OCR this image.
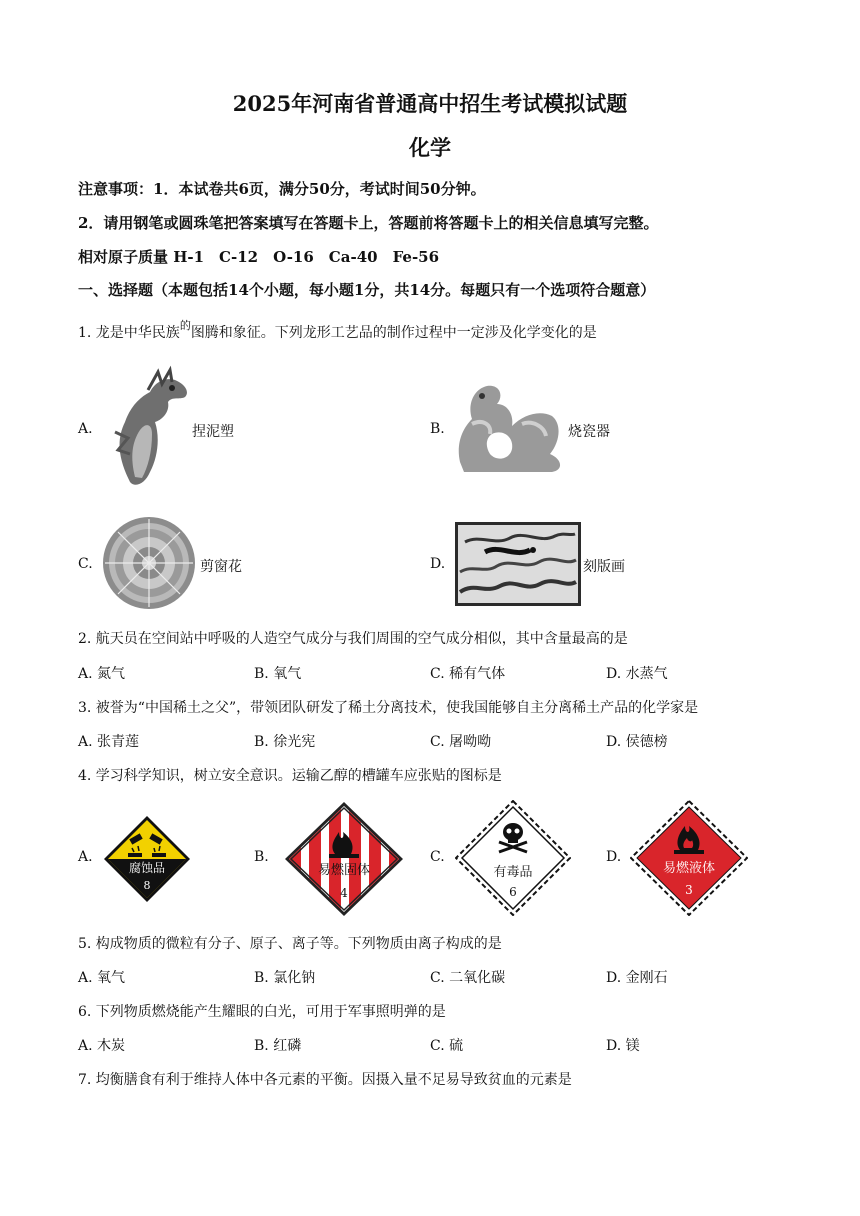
2025年河南省普通高中招生考试模拟试题
化学
注意事项：1．本试卷共6页，满分50分，考试时间50分钟。
2．请用钢笔或圆珠笔把答案填写在答题卡上，答题前将答题卡上的相关信息填写完整。
相对原子质量 H-1　C-12　O-16　Ca-40　Fe-56
一、选择题（本题包括14个小题，每小题1分，共14分。每题只有一个选项符合题意）
1. 龙是中华民族$^的$图腾和象征。下列龙形工艺品的制作过程中一定涉及化学变化的是
A.	捏泥塑	B.	烧瓷器
C.	剪窗花	D.	刻版画
2. 航天员在空间站中呼吸的人造空气成分与我们周围的空气成分相似，其中含量最高的是
A. 氮气	B. 氧气	C. 稀有气体	D. 水蒸气
3. 被誉为“中国稀土之父”，带领团队研发了稀土分离技术，使我国能够自主分离稀土产品的化学家是
A. 张青莲	B. 徐光宪	C. 屠呦呦	D. 侯德榜
4. 学习科学知识，树立安全意识。运输乙醇的槽罐车应张贴的图标是
A.
腐蚀品
8
B.
易燃固体
4
C.
有毒品
6
D.
易燃液体
3
5. 构成物质的微粒有分子、原子、离子等。下列物质由离子构成的是
A. 氧气	B. 氯化钠	C. 二氧化碳	D. 金刚石
6. 下列物质燃烧能产生耀眼的白光，可用于军事照明弹的是
A. 木炭	B. 红磷	C. 硫	D. 镁
7. 均衡膳食有利于维持人体中各元素的平衡。因摄入量不足易导致贫血的元素是
